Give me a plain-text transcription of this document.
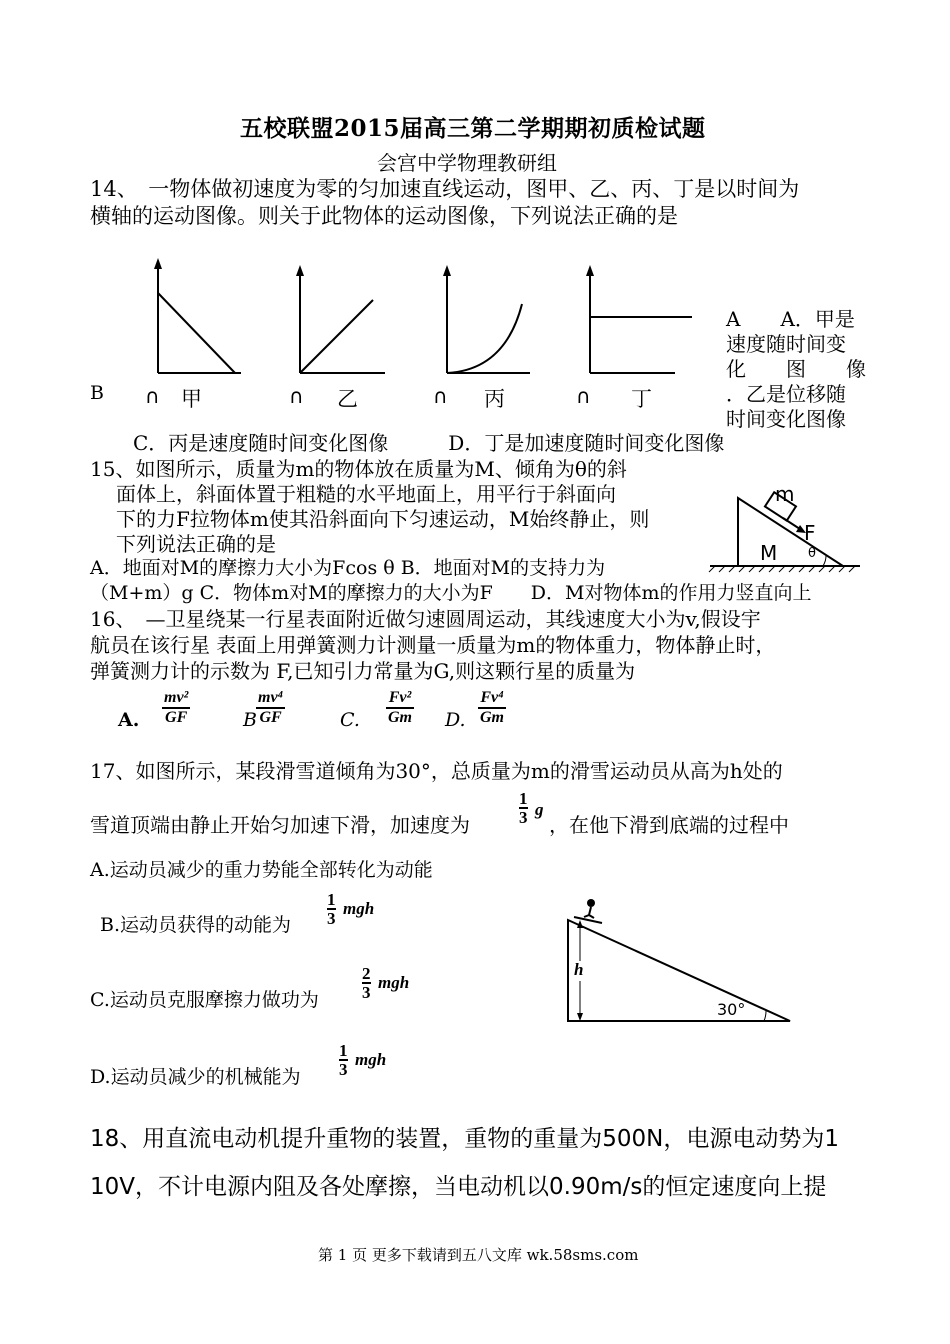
五校联盟2015届高三第二学期期初质检试题
会宫中学物理教研组
14、　一物体做初速度为零的匀加速直线运动，图甲、乙、丙、丁是以时间为
横轴的运动图像。则关于此物体的运动图像，下列说法正确的是
∩ 甲	∩ 乙	∩ 丙	∩ 丁
B
A　　A．甲是
速度随时间变
化　　图　　像
．乙是位移随
时间变化图像
C．丙是速度随时间变化图像　　　D．丁是加速度随时间变化图像
15、如图所示，质量为m的物体放在质量为M、倾角为θ的斜
面体上，斜面体置于粗糙的水平地面上，用平行于斜面向
下的力F拉物体m使其沿斜面向下匀速运动，M始终静止，则
下列说法正确的是
A．地面对M的摩擦力大小为Fcos θ B．地面对M的支持力为
（M+m）g C．物体m对M的摩擦力的大小为F　　D．M对物体m的作用力竖直向上
m
F
M θ
16、　—卫星绕某一行星表面附近做匀速圆周运动，其线速度大小为v,假设宇
航员在该行星 表面上用弹簧测力计测量一质量为m的物体重力，物体静止时，
弹簧测力计的示数为 F,已知引力常量为G,则这颗行星的质量为
A. $\frac{\text{mv²}}{GF}$	B $\frac{\text{mv⁴}}{GF}$	C. $\frac{\text{Fv²}}{Gm} D$. $\frac{\text{Fv⁴}}{Gm}$
17、如图所示，某段滑雪道倾角为30°，总质量为m的滑雪运动员从高为h处的
雪道顶端由静止开始匀加速下滑，加速度为	$\frac{1}{3}$ g
，在他下滑到底端的过程中
A.运动员减少的重力势能全部转化为动能
B.运动员获得的动能为 $\frac{1}{3}$ mgh
C.运动员克服摩擦力做功为	$\frac{2}{3}$ mgh
D.运动员减少的机械能为 $\frac{1}{3}$ mgh
h
30°
18、用直流电动机提升重物的装置，重物的重量为500N，电源电动势为1
10V，不计电源内阻及各处摩擦，当电动机以0.90m/s的恒定速度向上提
第 1 页 更多下载请到五八文库 wk.58sms.com
